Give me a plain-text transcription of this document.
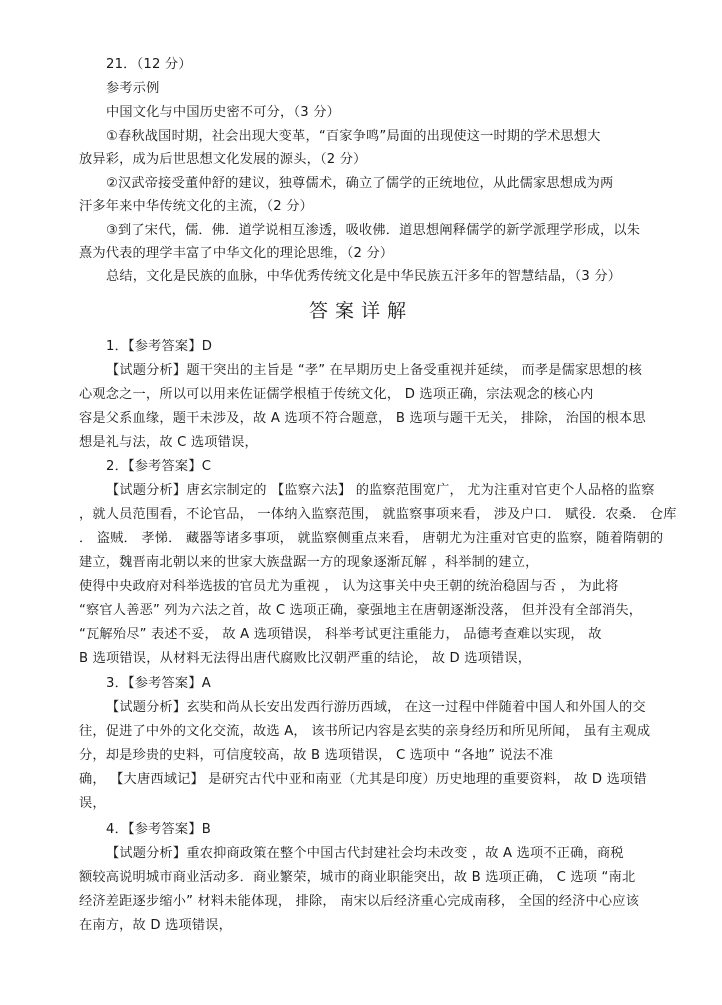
21．（12 分）
参考示例
中国文化与中国历史密不可分，（3 分）
①春秋战国时期，社会出现大变革，“百家争鸣”局面的出现使这一时期的学术思想大
放异彩，成为后世思想文化发展的源头，（2 分）
②汉武帝接受董仲舒的建议，独尊儒术，确立了儒学的正统地位，从此儒家思想成为两
汗多年来中华传统文化的主流，（2 分）
③到了宋代，儒．佛．道学说相互渗透，吸收佛．道思想阐释儒学的新学派理学形成，以朱
熹为代表的理学丰富了中华文化的理论思维，（2 分）
总结，文化是民族的血脉，中华优秀传统文化是中华民族五汗多年的智慧结晶，（3 分）
答案详解
1．【参考答案】D
【试题分析】题干突出的主旨是 “孝” 在早期历史上备受重视并延续， 而孝是儒家思想的核
心观念之一，所以可以用来佐证儒学根植于传统文化， D 选项正确，宗法观念的核心内
容是父系血缘，题干未涉及，故 A 选项不符合题意， B 选项与题干无关， 排除， 治国的根本思
想是礼与法，故 C 选项错误，
2．【参考答案】C
【试题分析】唐玄宗制定的 【监察六法】 的监察范围宽广， 尤为注重对官吏个人品格的监察
，就人员范围看，不论官品， 一体纳入监察范围， 就监察事项来看， 涉及户口． 赋役．农桑． 仓库
． 盗贼． 孝悌． 藏器等诸多事项， 就监察侧重点来看， 唐朝尤为注重对官吏的监察，随着隋朝的
建立，魏晋南北朝以来的世家大族盘踞一方的现象逐渐瓦解 ，科举制的建立，
使得中央政府对科举选拔的官员尤为重视 ， 认为这事关中央王朝的统治稳固与否 ， 为此将
“察官人善恶” 列为六法之首，故 C 选项正确，豪强地主在唐朝逐渐没落， 但并没有全部消失，
“瓦解殆尽” 表述不妥， 故 A 选项错误， 科举考试更注重能力， 品德考查难以实现， 故
B 选项错误，从材料无法得出唐代腐败比汉朝严重的结论， 故 D 选项错误，
3．【参考答案】A
【试题分析】玄奘和尚从长安出发西行游历西域， 在这一过程中伴随着中国人和外国人的交
往，促进了中外的文化交流，故选 A， 该书所记内容是玄奘的亲身经历和所见所闻， 虽有主观成
分，却是珍贵的史料，可信度较高，故 B 选项错误， C 选项中 “各地” 说法不准
确， 【大唐西域记】 是研究古代中亚和南亚（尤其是印度）历史地理的重要资料， 故 D 选项错
误，
4．【参考答案】B
【试题分析】重农抑商政策在整个中国古代封建社会均未改变 ，故 A 选项不正确，商税
额较高说明城市商业活动多．商业繁荣，城市的商业职能突出，故 B 选项正确， C 选项 “南北
经济差距逐步缩小” 材料未能体现， 排除， 南宋以后经济重心完成南移， 全国的经济中心应该
在南方，故 D 选项错误，
